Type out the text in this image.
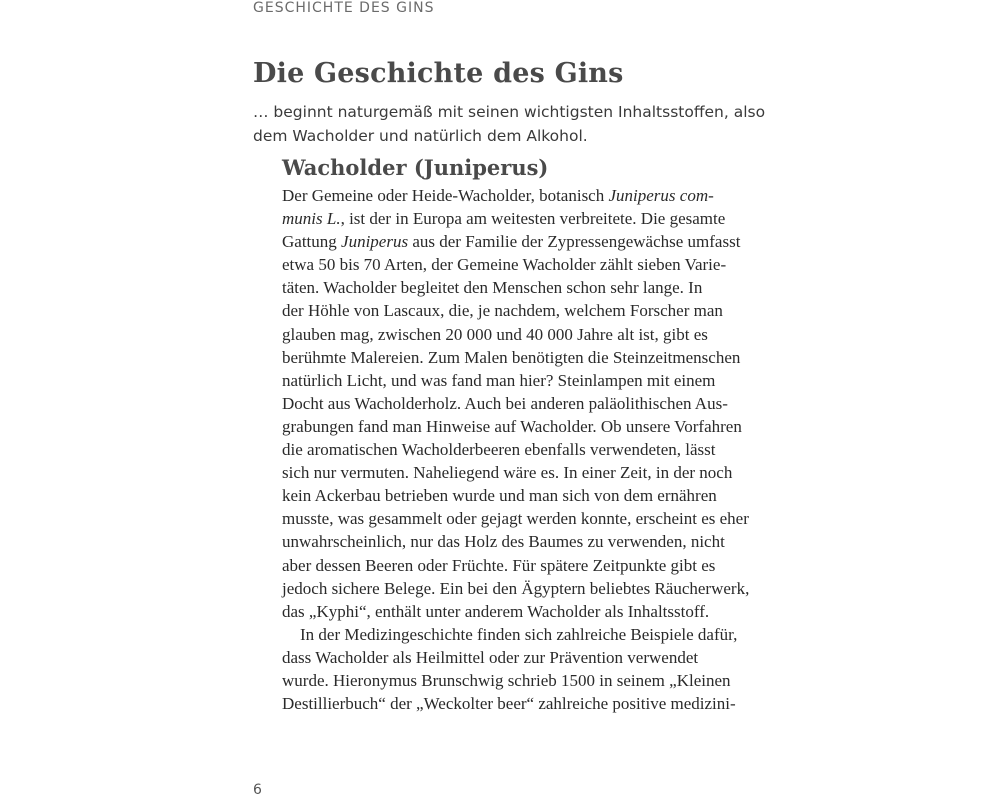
GESCHICHTE DES GINS
Die Geschichte des Gins
… beginnt naturgemäß mit seinen wichtigsten Inhaltsstoffen, also
dem Wacholder und natürlich dem Alkohol.
Wacholder (Juniperus)
Der Gemeine oder Heide-Wacholder, botanisch Juniperus com-
munis L., ist der in Europa am weitesten verbreitete. Die gesamte
Gattung Juniperus aus der Familie der Zypressengewächse umfasst
etwa 50 bis 70 Arten, der Gemeine Wacholder zählt sieben Varie-
täten. Wacholder begleitet den Menschen schon sehr lange. In
der Höhle von Lascaux, die, je nachdem, welchem Forscher man
glauben mag, zwischen 20 000 und 40 000 Jahre alt ist, gibt es
berühmte Malereien. Zum Malen benötigten die Steinzeitmenschen
natürlich Licht, und was fand man hier? Steinlampen mit einem
Docht aus Wacholderholz. Auch bei anderen paläolithischen Aus-
grabungen fand man Hinweise auf Wacholder. Ob unsere Vorfahren
die aromatischen Wacholderbeeren ebenfalls verwendeten, lässt
sich nur vermuten. Naheliegend wäre es. In einer Zeit, in der noch
kein Ackerbau betrieben wurde und man sich von dem ernähren
musste, was gesammelt oder gejagt werden konnte, erscheint es eher
unwahrscheinlich, nur das Holz des Baumes zu verwenden, nicht
aber dessen Beeren oder Früchte. Für spätere Zeitpunkte gibt es
jedoch sichere Belege. Ein bei den Ägyptern beliebtes Räucherwerk,
das „Kyphi“, enthält unter anderem Wacholder als Inhaltsstoff.
In der Medizingeschichte finden sich zahlreiche Beispiele dafür,
dass Wacholder als Heilmittel oder zur Prävention verwendet
wurde. Hieronymus Brunschwig schrieb 1500 in seinem „Kleinen
Destillierbuch“ der „Weckolter beer“ zahlreiche positive medizini-
6
